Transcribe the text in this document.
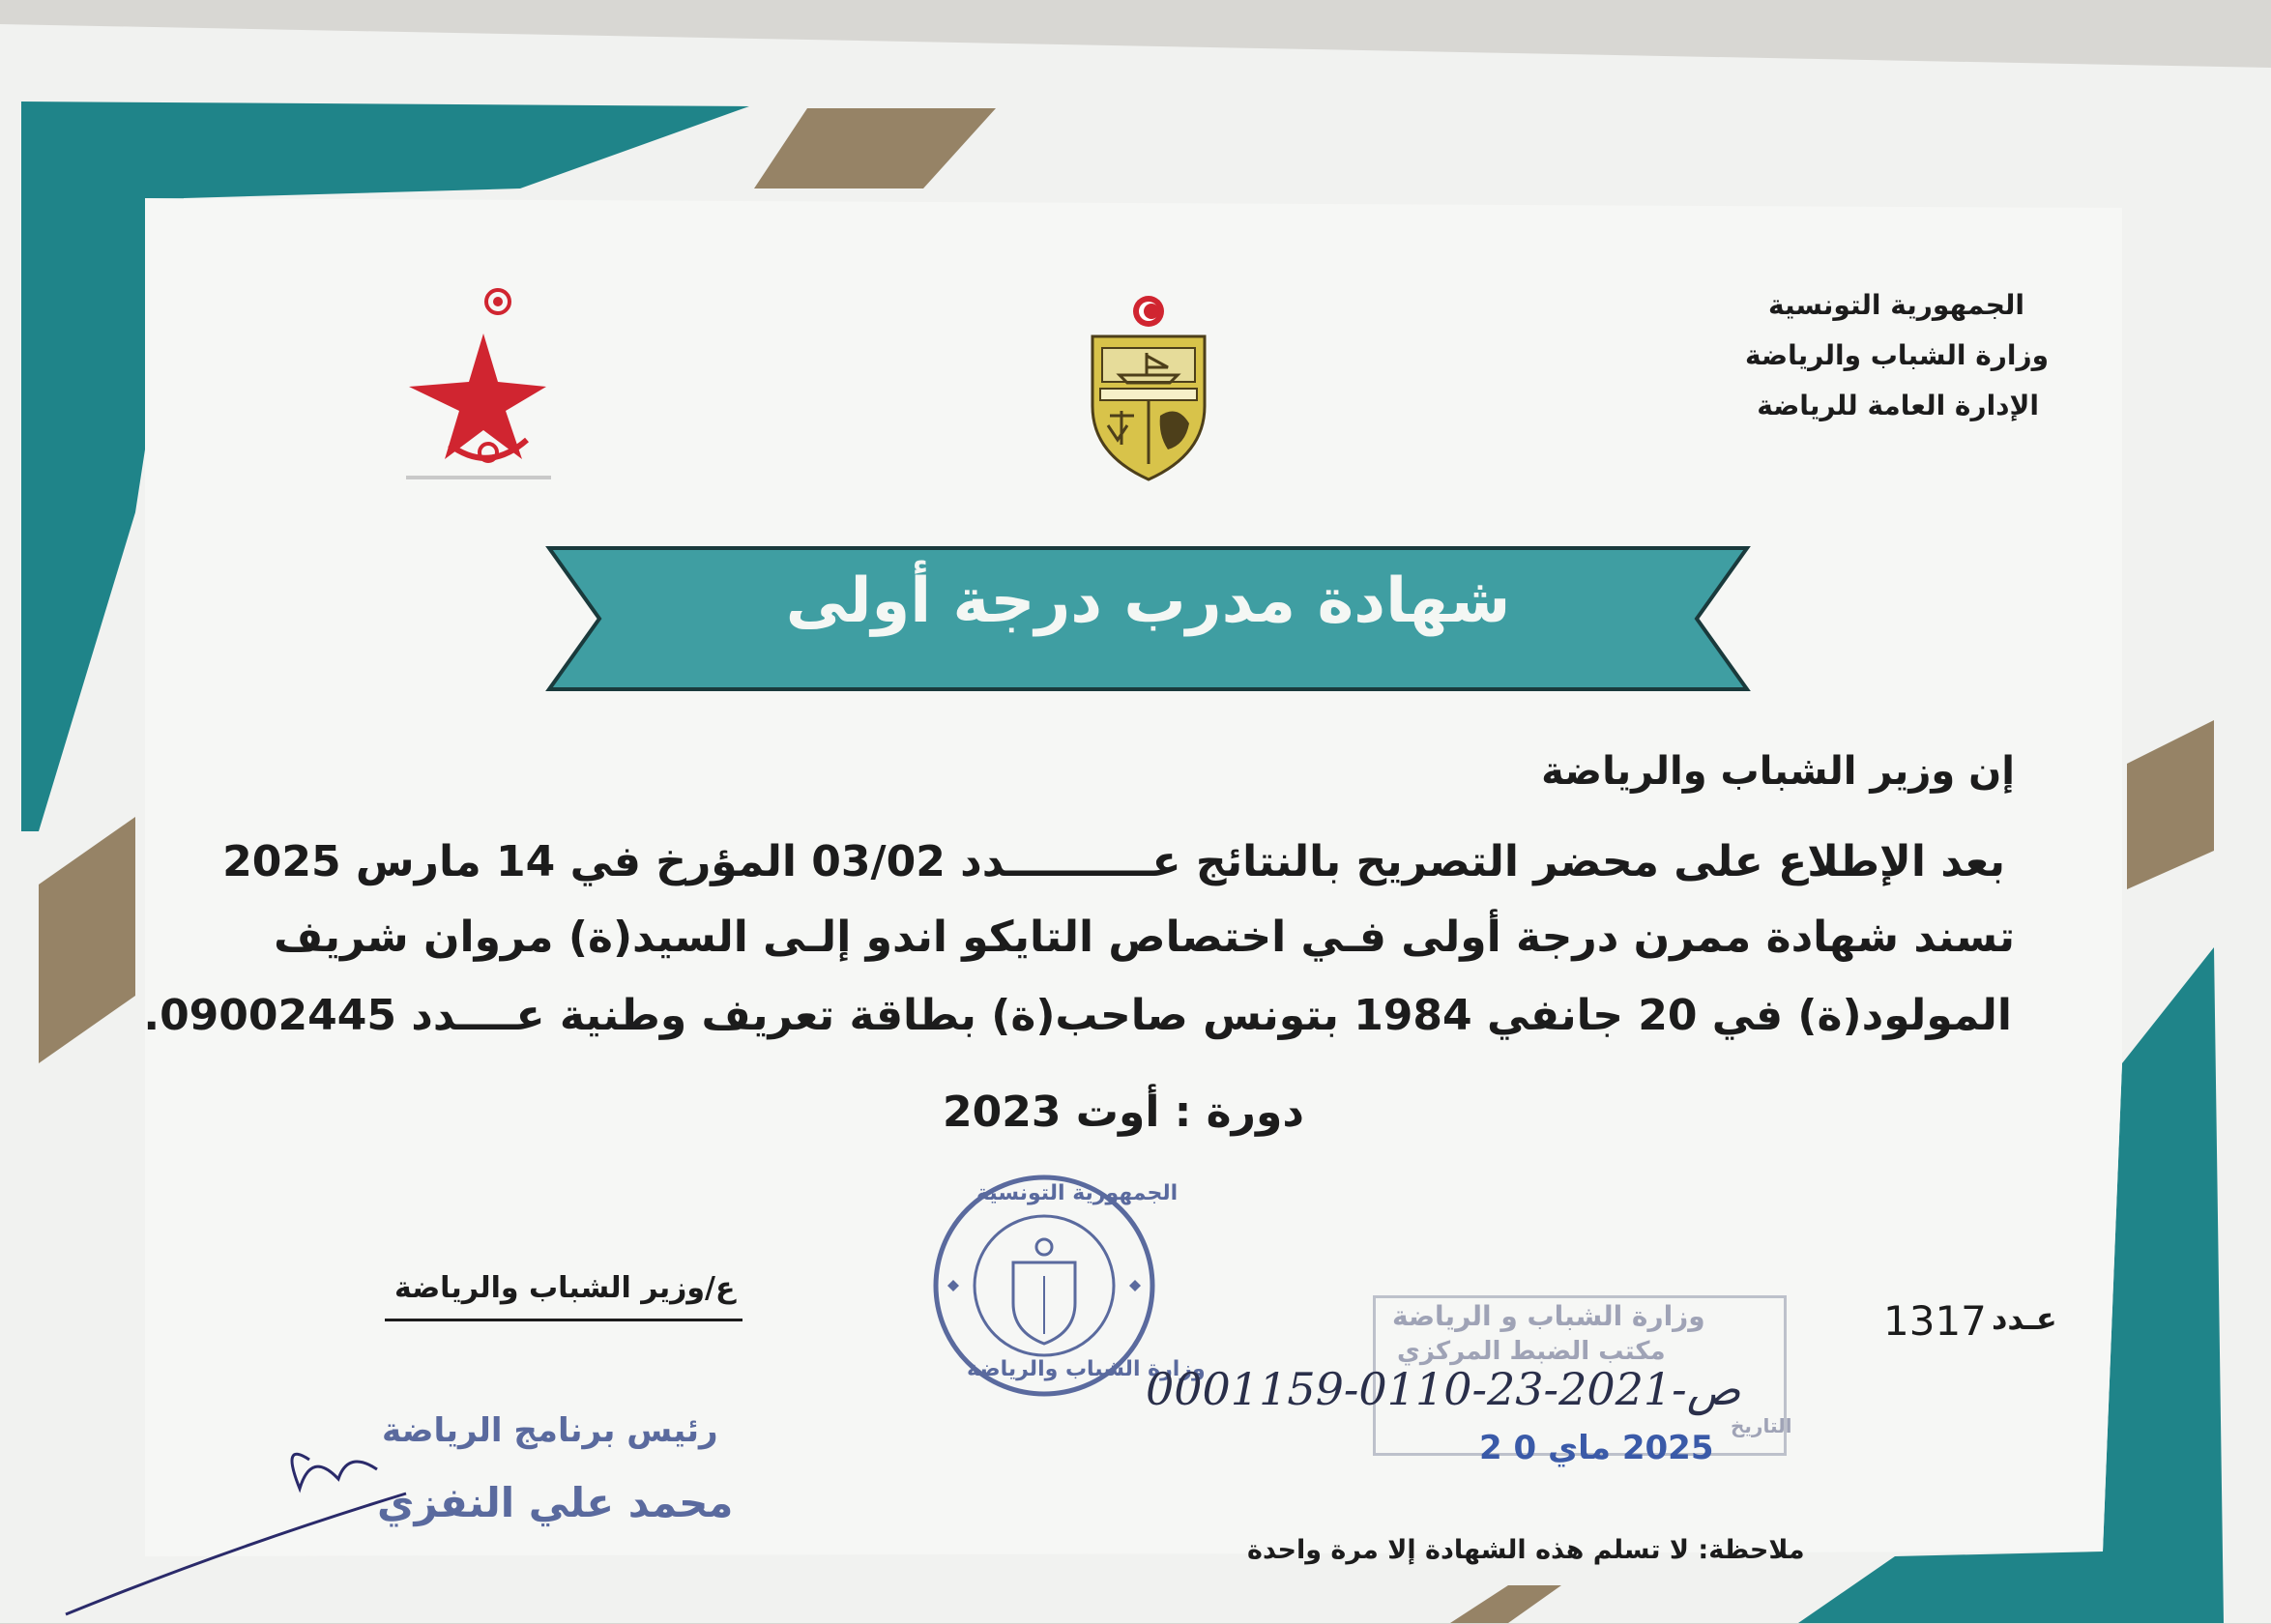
الجمهورية التونسية
وزارة الشباب والرياضة
الإدارة العامة للرياضة
شهادة مدرب درجة أولى
إن وزير الشباب والرياضة
بعد الإطلاع على محضر التصريح بالنتائج عــــــــــدد 03/02 المؤرخ في 14 مارس 2025
تسند شهادة ممرن درجة أولى فـي اختصاص التايكو اندو إلـى السيد(ة) مروان شريف
المولود(ة) في 20 جانفي 1984 بتونس صاحب(ة) بطاقة تعريف وطنية عــــدد 09002445.
دورة : أوت 2023
الجمهورية التونسية
وزارة الشباب والرياضة
ع/وزير الشباب والرياضة
رئيس برنامج الرياضة
محمد علي النفزي
1317 عـدد
وزارة الشباب و الرياضة
مكتب الضبط المركزي
التاريخ
2025 ماي 0 2
0001159-0110-23-2021-ص
ملاحظة: لا تسلم هذه الشهادة إلا مرة واحدة
